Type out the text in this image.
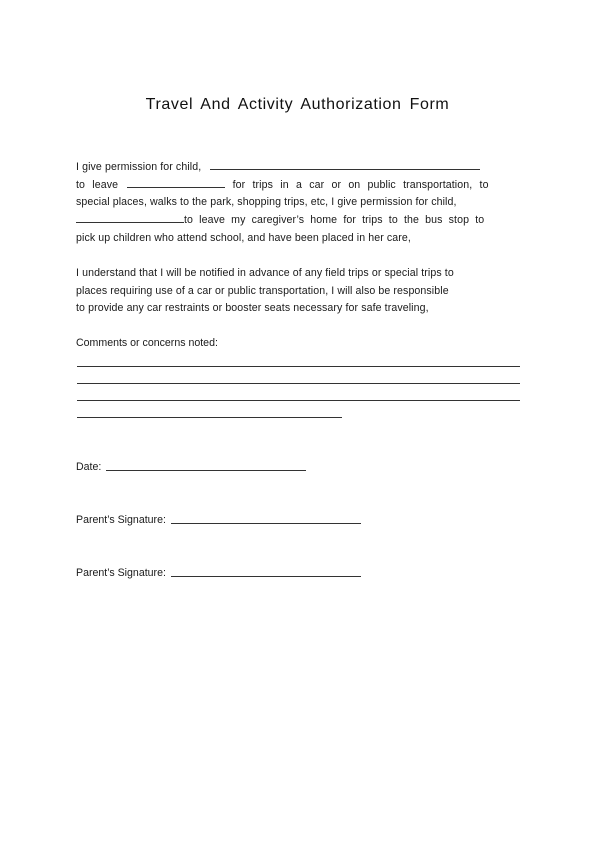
Travel And Activity Authorization Form
I give permission for child,
to leave	for trips in a car or on public transportation, to
special places, walks to the park, shopping trips, etc, I give permission for child,
to leave my caregiver’s home for trips to the bus stop to
pick up children who attend school, and have been placed in her care,
I understand that I will be notified in advance of any field trips or special trips to
places requiring use of a car or public transportation, I will also be responsible
to provide any car restraints or booster seats necessary for safe traveling,
Comments or concerns noted:
Date:
Parent’s Signature:
Parent’s Signature:
